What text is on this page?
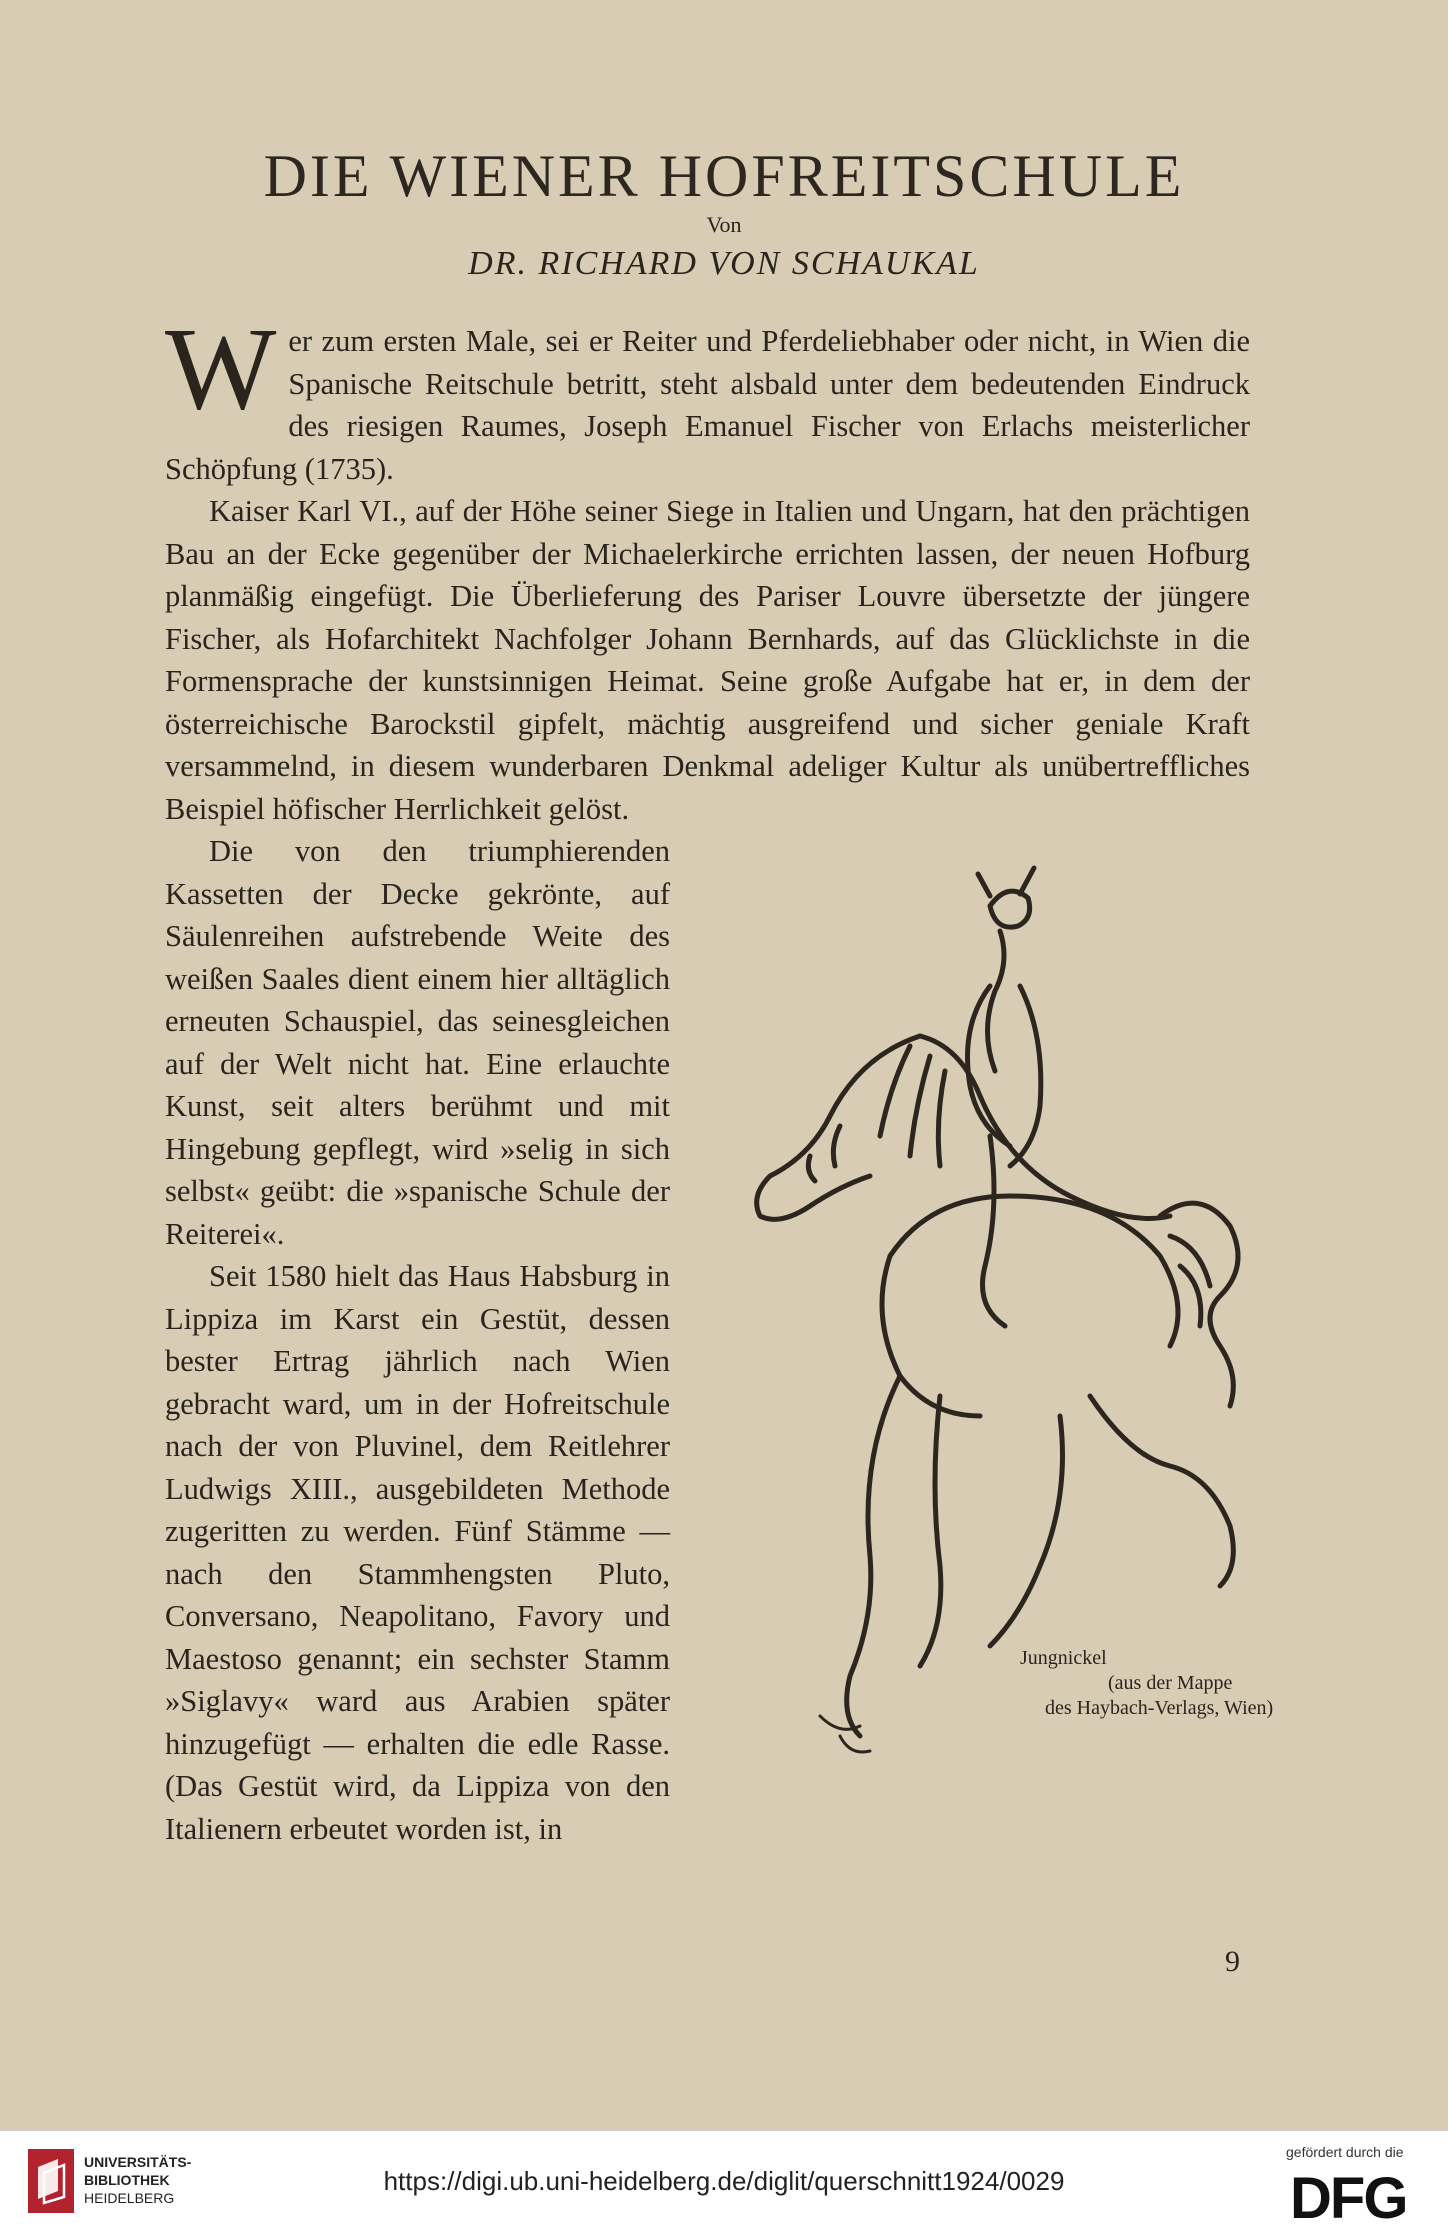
DIE WIENER HOFREITSCHULE
Von
DR. RICHARD VON SCHAUKAL

Wer zum ersten Male, sei er Reiter und Pferdeliebhaber oder nicht, in Wien die Spanische Reitschule betritt, steht alsbald unter dem bedeutenden Eindruck des riesigen Raumes, Joseph Emanuel Fischer von Erlachs meisterlicher Schöpfung (1735).

Kaiser Karl VI., auf der Höhe seiner Siege in Italien und Ungarn, hat den prächtigen Bau an der Ecke gegenüber der Michaelerkirche errichten lassen, der neuen Hofburg planmäßig eingefügt. Die Überlieferung des Pariser Louvre übersetzte der jüngere Fischer, als Hofarchitekt Nachfolger Johann Bernhards, auf das Glücklichste in die Formensprache der kunstsinnigen Heimat. Seine große Aufgabe hat er, in dem der österreichische Barockstil gipfelt, mächtig ausgreifend und sicher geniale Kraft versammelnd, in diesem wunderbaren Denkmal adeliger Kultur als unübertreffliches Beispiel höfischer Herrlichkeit gelöst.

Die von den triumphierenden Kassetten der Decke gekrönte, auf Säulenreihen aufstrebende Weite des weißen Saales dient einem hier alltäglich erneuten Schauspiel, das seinesgleichen auf der Welt nicht hat. Eine erlauchte Kunst, seit alters berühmt und mit Hingebung gepflegt, wird »selig in sich selbst« geübt: die »spanische Schule der Reiterei«.

Seit 1580 hielt das Haus Habsburg in Lippiza im Karst ein Gestüt, dessen bester Ertrag jährlich nach Wien gebracht ward, um in der Hofreitschule nach der von Pluvinel, dem Reitlehrer Ludwigs XIII., ausgebildeten Methode zugeritten zu werden. Fünf Stämme — nach den Stammhengsten Pluto, Conversano, Neapolitano, Favory und Maestoso genannt; ein sechster Stamm »Siglavy« ward aus Arabien später hinzugefügt — erhalten die edle Rasse. (Das Gestüt wird, da Lippiza von den Italienern erbeutet worden ist, in

Jungnickel
(aus der Mappe
des Haybach-Verlags, Wien)
9
UNIVERSITÄTS-
BIBLIOTHEK
HEIDELBERG
https://digi.ub.uni-heidelberg.de/diglit/querschnitt1924/0029
gefördert durch die
DFG
